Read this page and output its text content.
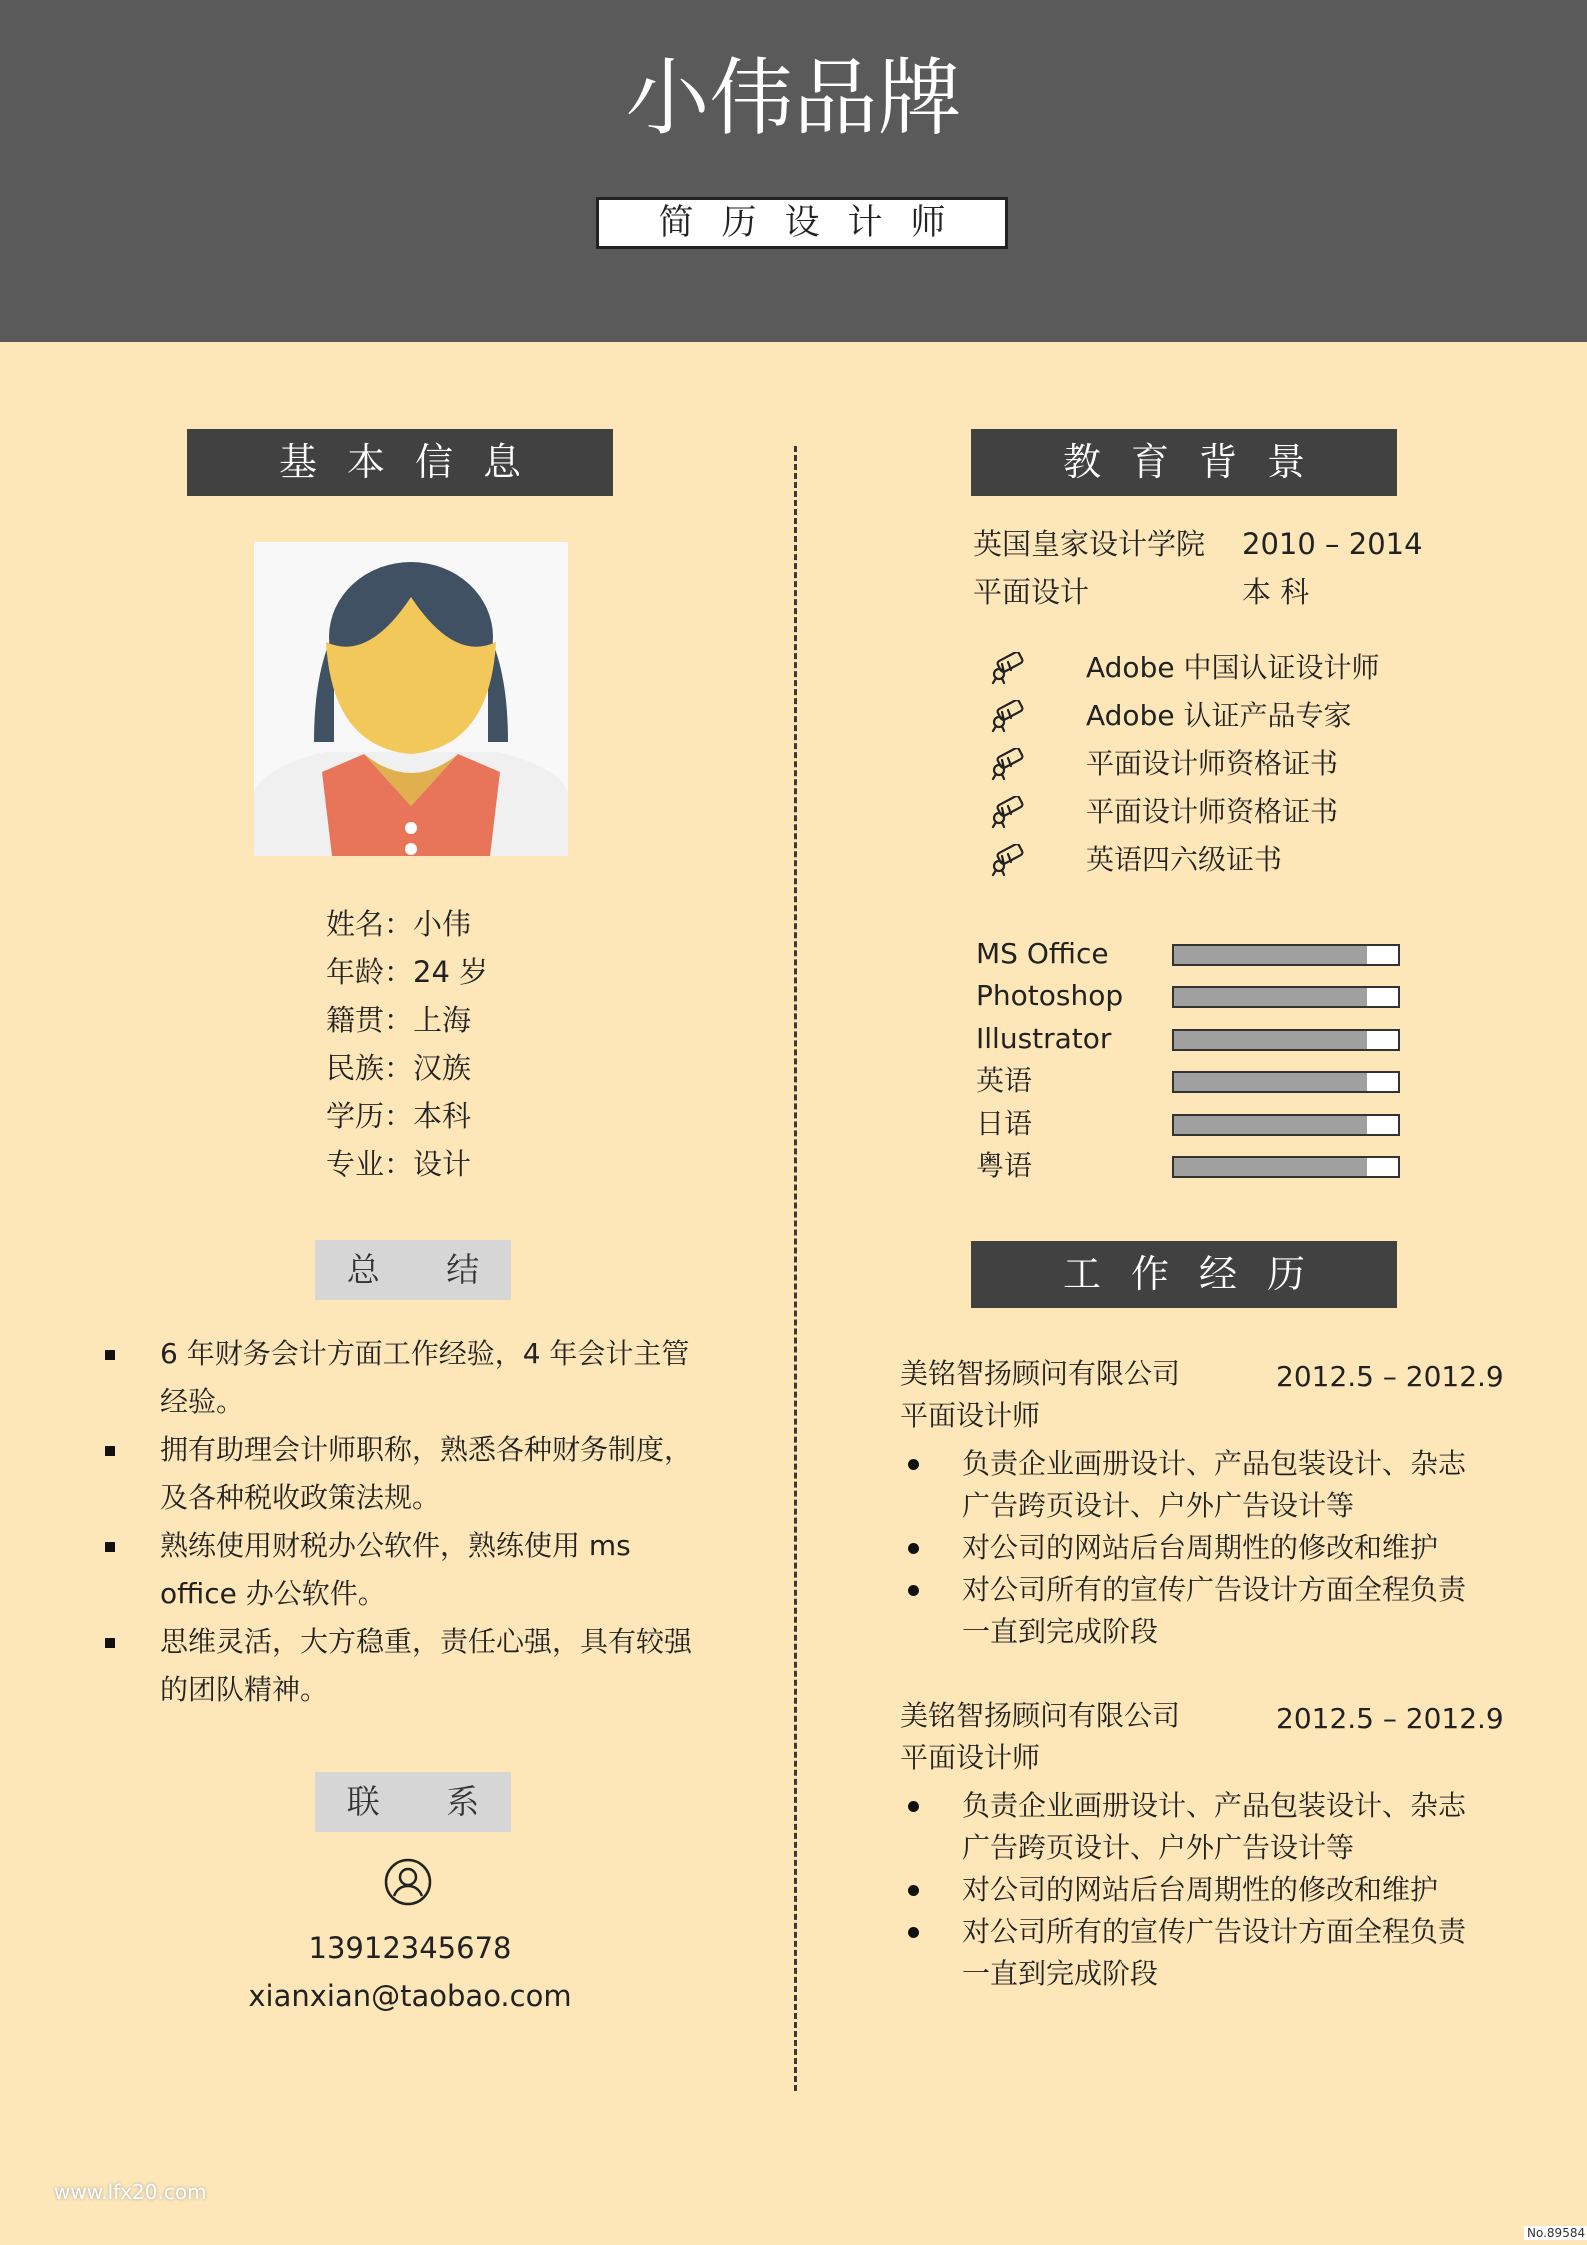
小伟品牌
简历设计师
基本信息
姓名：小伟
年龄：24 岁
籍贯：上海
民族：汉族
学历：本科
专业：设计
总 结
6 年财务会计方面工作经验，4 年会计主管经验。
拥有助理会计师职称，熟悉各种财务制度，及各种税收政策法规。
熟练使用财税办公软件，熟练使用 ms office 办公软件。
思维灵活，大方稳重，责任心强，具有较强的团队精神。
联 系
13912345678
xianxian@taobao.com
教育背景
英国皇家设计学院 2010 – 2014
平面设计	本 科
Adobe 中国认证设计师
Adobe 认证产品专家
平面设计师资格证书
平面设计师资格证书
英语四六级证书
MS Office
Photoshop
Illustrator
英语
日语
粤语
工作经历
美铭智扬顾问有限公司	2012.5 – 2012.9
平面设计师
负责企业画册设计、产品包装设计、杂志广告跨页设计、户外广告设计等
对公司的网站后台周期性的修改和维护
对公司所有的宣传广告设计方面全程负责一直到完成阶段
美铭智扬顾问有限公司	2012.5 – 2012.9
平面设计师
负责企业画册设计、产品包装设计、杂志广告跨页设计、户外广告设计等
对公司的网站后台周期性的修改和维护
对公司所有的宣传广告设计方面全程负责一直到完成阶段
www.lfx20.com
No.89584
